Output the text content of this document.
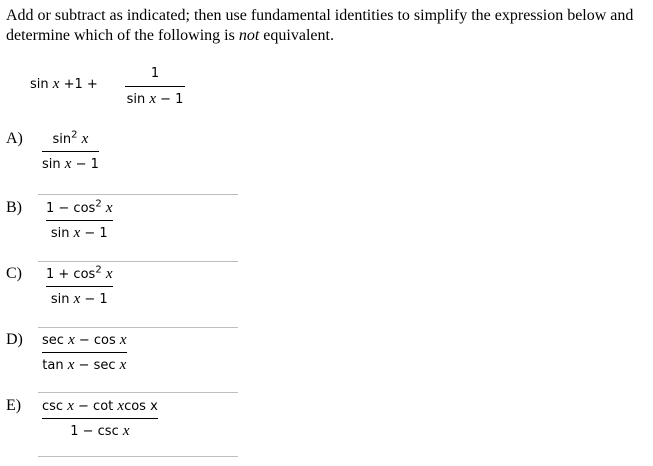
Add or subtract as indicated; then use fundamental identities to simplify the expression below and determine which of the following is not equivalent.
sin x +1 +
1
sin x − 1
A) $\sin^2 x$
sin x − 1
B) $1 - \cos^2 x$
sin x − 1
C) $1 + \cos^2 x$
sin x − 1
D) sec x − cos x
tan x − sec x
E) csc x − cot xcos x
1 − csc x
